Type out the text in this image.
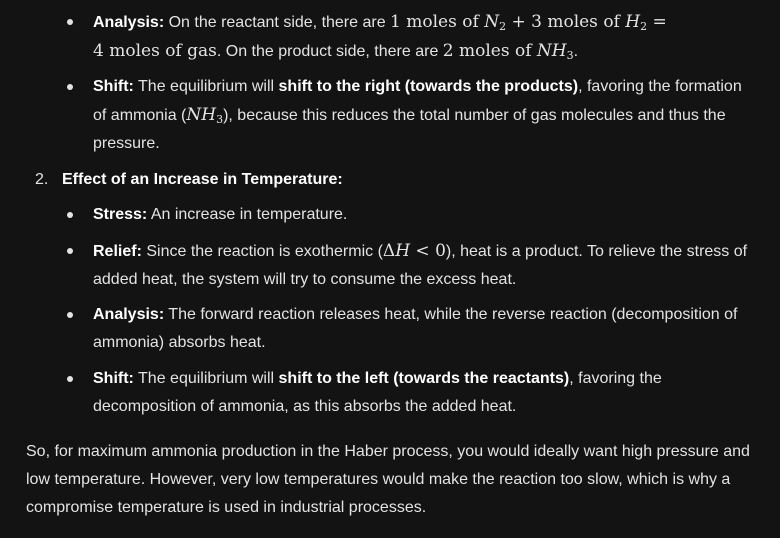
Analysis: On the reactant side, there are 1 moles of $N_2 + 3$ moles of $H_2$ =
4 moles of gas. On the product side, there are 2 moles of $NH_3$.
Shift: The equilibrium will shift to the right (towards the products), favoring the formation of ammonia $(NH_3)$, because this reduces the total number of gas molecules and thus the pressure.
2. Effect of an Increase in Temperature:
Stress: An increase in temperature.
Relief: Since the reaction is exothermic (ΔH < 0), heat is a product. To relieve the stress of added heat, the system will try to consume the excess heat.
Analysis: The forward reaction releases heat, while the reverse reaction (decomposition of ammonia) absorbs heat.
Shift: The equilibrium will shift to the left (towards the reactants), favoring the decomposition of ammonia, as this absorbs the added heat.
So, for maximum ammonia production in the Haber process, you would ideally want high pressure and low temperature. However, very low temperatures would make the reaction too slow, which is why a compromise temperature is used in industrial processes.
